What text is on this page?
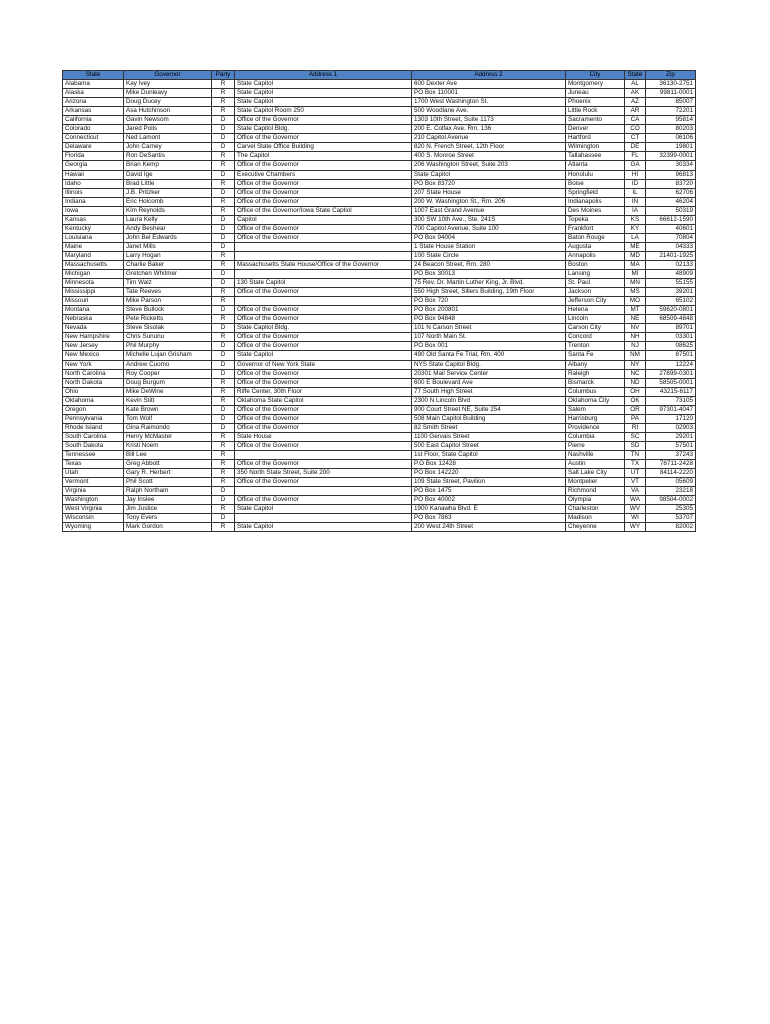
State	Governor	Party	Address 1	Address 2	City	State	Zip
Alabama	Kay Ivey	R	State Capitol	600 Dexter Ave	Montgomery	AL	36130-2751
Alaska	Mike Dunleavy	R	State Capitol	PO Box 110001	Juneau	AK	99811-0001
Arizona	Doug Ducey	R	State Capitol	1700 West Washington St.	Phoenix	AZ	85007
Arkansas	Asa Hutchinson	R	State Capitol Room 250	500 Woodlane Ave.	Little Rock	AR	72201
California	Gavin Newsom	D	Office of the Governor	1303 10th Street, Suite 1173	Sacramento	CA	95814
Colorado	Jared Polis	D	State Capitol Bldg.	200 E. Colfax Ave. Rm. 136	Denver	CO	80203
Connecticut	Ned Lamont	D	Office of the Governor	210 Capitol Avenue	Hartford	CT	06106
Delaware	John Carney	D	Carvel State Office Building	820 N. French Street, 12th Floor	Wilmington	DE	19801
Florida	Ron DeSantis	R	The Capitol	400 S. Monroe Street	Tallahassee	FL	32399-0001
Georgia	Brian Kemp	R	Office of the Governor	206 Washington Street, Suite 203	Atlanta	GA	30334
Hawaii	David Ige	D	Executive Chambers	State Capitol	Honolulu	HI	96813
Idaho	Brad Little	R	Office of the Governor	PO Box 83720	Boise	ID	83720
Illinois	J.B. Pritzker	D	Office of the Governor	207 State House	Springfield	IL	62706
Indiana	Eric Holcomb	R	Office of the Governor	200 W. Washington St., Rm. 206	Indianapolis	IN	46204
Iowa	Kim Reynolds	R	Office of the Governor/Iowa State Captiol	1007 East Grand Avenue	Des Moines	IA	50319
Kansas	Laura Kelly	D	Capitol	300 SW 10th Ave., Ste. 241S	Topeka	KS	66612-1590
Kentucky	Andy Beshear	D	Office of the Governor	700 Capitol Avenue, Suite 100	Frankfort	KY	40601
Louisiana	John Bel Edwards	D	Office of the Governor	PO Box 94004	Baton Rouge	LA	70804
Maine	Janet Mills	D		1 State House Station	Augusta	ME	04333
Maryland	Larry Hogan	R		100 State Circle	Annapolis	MD	21401-1925
Massachusetts	Charlie Baker	R	Massachusetts State House/Office of the Governor	24 Beacon Street, Rm. 280	Boston	MA	02133
Michigan	Gretchen Whitmer	D		PO Box 30013	Lansing	MI	48909
Minnesota	Tim Walz	D	130 State Capitol	75 Rev. Dr. Martin Luther King, Jr. Blvd.	St. Paul	MN	55155
Mississippi	Tate Reeves	R	Office of the Governor	550 High Street, Sillers Building, 19th Floor	Jackson	MS	39201
Missouri	Mike Parson	R		PO Box 720	Jefferson City	MO	65102
Montana	Steve Bullock	D	Office of the Governor	PO Box 200801	Helena	MT	59620-0801
Nebraska	Pete Ricketts	R	Office of the Governor	PO Box 94848	Lincoln	NE	68509-4848
Nevada	Steve Sisolak	D	State Capitol Bldg.	101 N Carson Street	Carson City	NV	89701
New Hampshire	Chris Sununu	R	Office of the Governor	107 North Main St.	Concord	NH	03301
New Jersey	Phil Murphy	D	Office of the Governor	PO Box 001	Trenton	NJ	08625
New Mexico	Michelle Lujan Grisham	D	State Capitol	490 Old Santa Fe Trial, Rm. 400	Santa Fe	NM	87501
New York	Andrew Cuomo	D	Governor of New York State	NYS State Capitol Bldg.	Albany	NY	12224
North Carolina	Roy Cooper	D	Office of the Governor	20301 Mail Service Center	Raleigh	NC	27699-0301
North Dakota	Doug Burgum	R	Office of the Governor	600 E Boulevard Ave	Bismarck	ND	58505-0001
Ohio	Mike DeWine	R	Riffe Center, 30th Floor	77 South High Street	Columbus	OH	43215-6117
Oklahoma	Kevin Stitt	R	Oklahoma State Capitol	2300 N Lincoln Blvd	Oklahoma City	OK	73105
Oregon	Kate Brown	D	Office of the Governor	900 Court Street NE, Suite 254	Salem	OR	97301-4047
Pennsylvania	Tom Wolf	D	Office of the Governor	508 Main Capitol Building	Harrisburg	PA	17120
Rhode Island	Gina Raimondo	D	Office of the Governor	82 Smith Street	Providence	RI	02903
South Carolina	Henry McMaster	R	State House	1100 Gervais Street	Columbia	SC	29201
South Dakota	Kristi Noem	R	Office of the Governor	500 East Capitol Street	Pierre	SD	57501
Tennessee	Bill Lee	R		1st Floor, State Capitol	Nashville	TN	37243
Texas	Greg Abbott	R	Office of the Governor	P.O Box 12428	Austin	TX	78711-2428
Utah	Gary R. Herbert	R	350 North State Street, Suite 200	PO Box 142220	Salt Lake City	UT	84114-2220
Vermont	Phil Scott	R	Office of the Governor	109 State Street, Pavilion	Montpelier	VT	05609
Virginia	Ralph Northam	D		PO Box 1475	Richmond	VA	23218
Washington	Jay Inslee	D	Office of the Governor	PO Box 40002	Olympia	WA	98504-0002
West Virginia	Jim Justice	R	State Capitol	1900 Kanawha Blvd. E	Charleston	WV	25305
Wisconsin	Tony Evers	D		PO Box 7863	Madison	WI	53707
Wyoming	Mark Gordon	R	State Capitol	200 West 24th Street	Cheyenne	WY	82002
